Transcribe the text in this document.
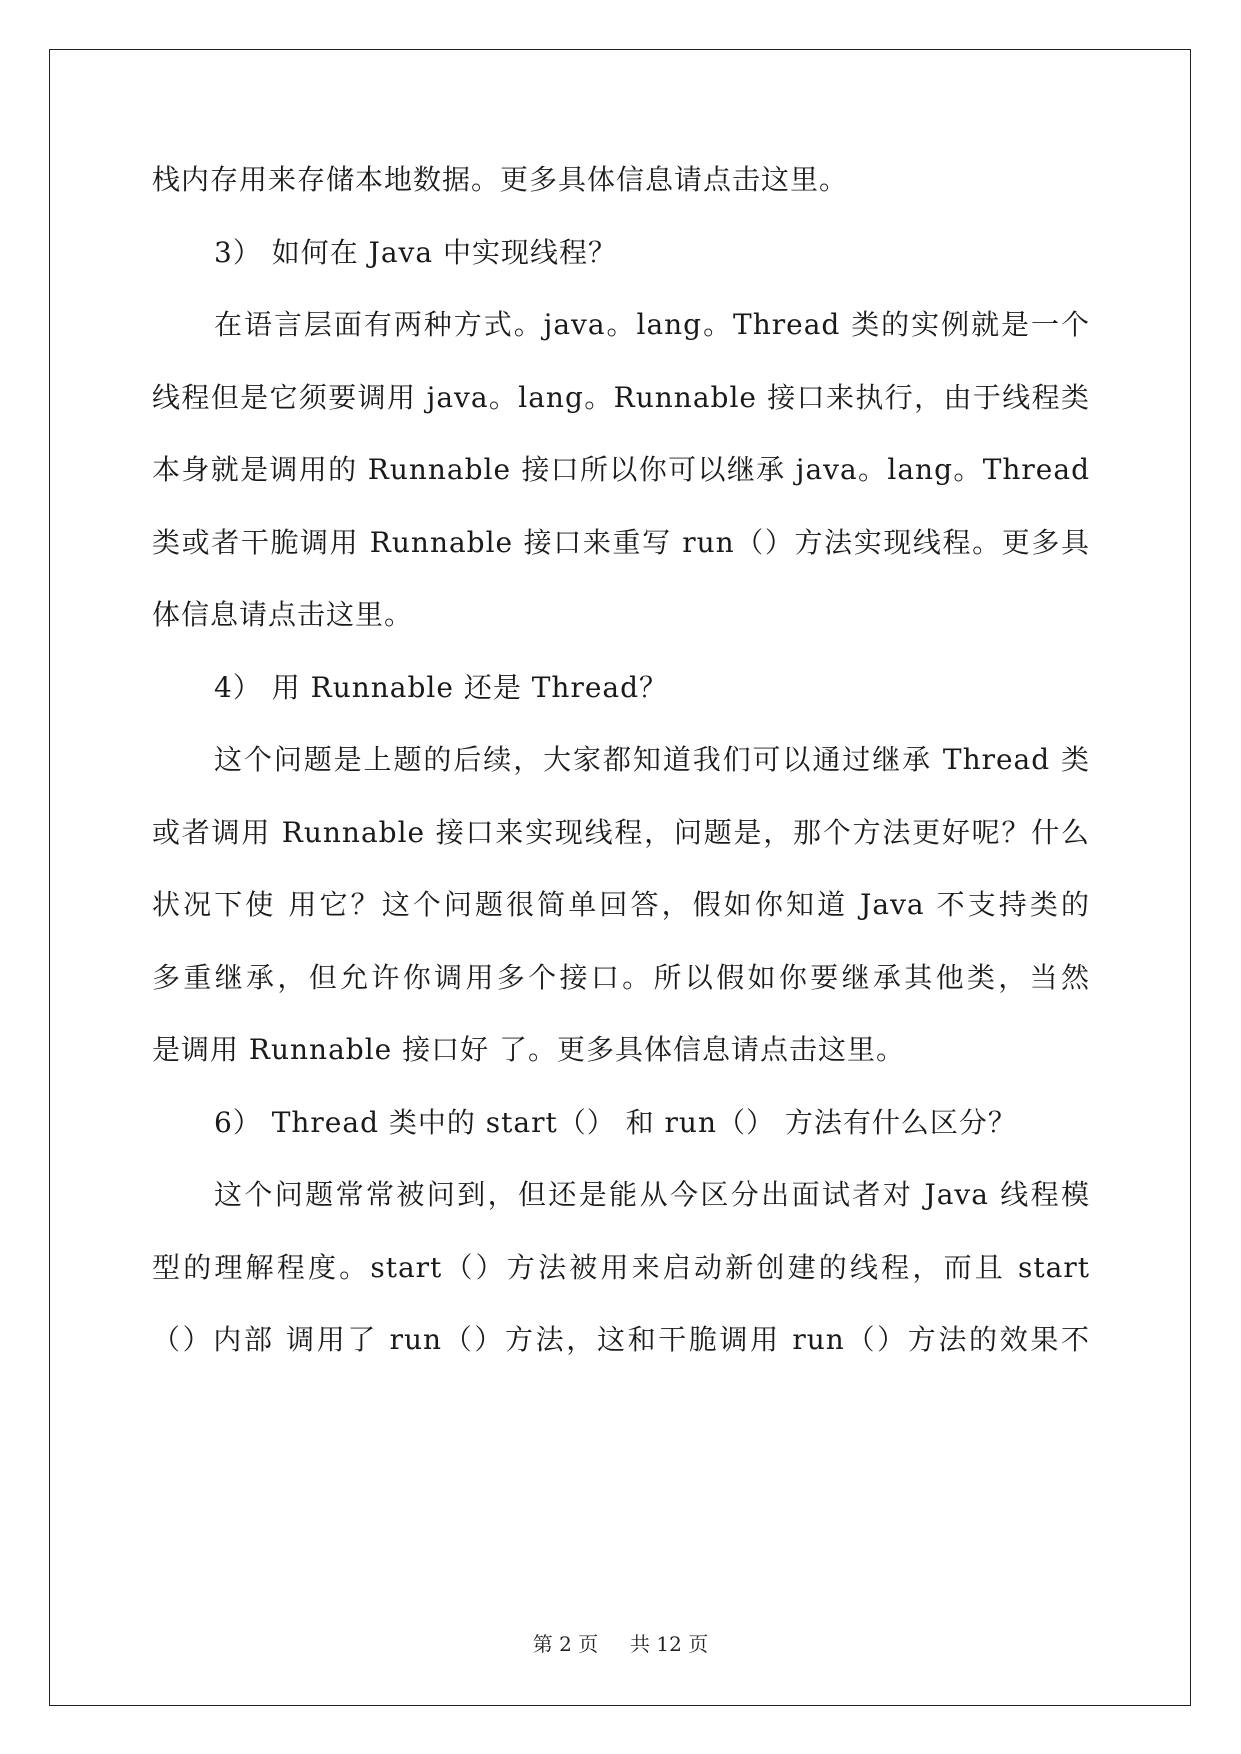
栈内存用来存储本地数据。更多具体信息请点击这里。
3） 如何在 Java 中实现线程？
在语言层面有两种方式。java。lang。Thread 类的实例就是一个
线程但是它须要调用 java。lang。Runnable 接口来执行，由于线程类
本身就是调用的 Runnable 接口所以你可以继承 java。lang。Thread
类或者干脆调用 Runnable 接口来重写 run（）方法实现线程。更多具
体信息请点击这里。
4） 用 Runnable 还是 Thread？
这个问题是上题的后续，大家都知道我们可以通过继承 Thread 类
或者调用 Runnable 接口来实现线程，问题是，那个方法更好呢？什么
状况下使 用它？这个问题很简单回答，假如你知道 Java 不支持类的
多重继承，但允许你调用多个接口。所以假如你要继承其他类，当然
是调用 Runnable 接口好 了。更多具体信息请点击这里。
6） Thread 类中的 start（） 和 run（） 方法有什么区分？
这个问题常常被问到，但还是能从今区分出面试者对 Java 线程模
型的理解程度。start（）方法被用来启动新创建的线程，而且 start
（）内部 调用了 run（）方法，这和干脆调用 run（）方法的效果不
第 2 页 共 12 页
